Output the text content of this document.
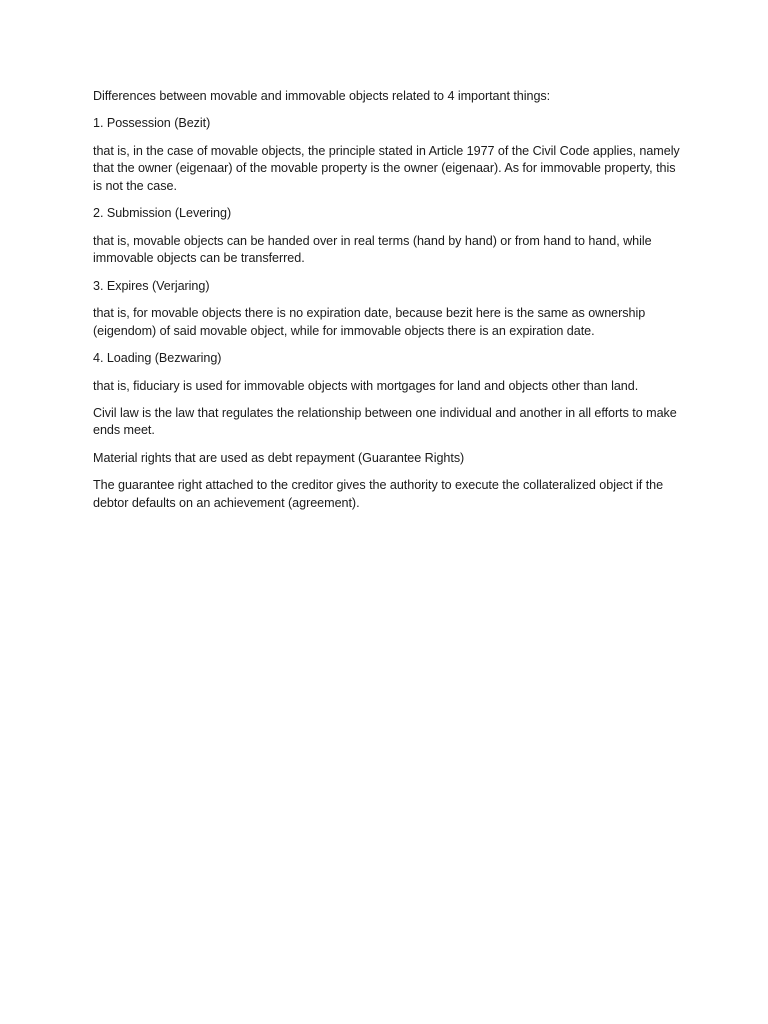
Differences between movable and immovable objects related to 4 important things:

1. Possession (Bezit)

that is, in the case of movable objects, the principle stated in Article 1977 of the Civil Code applies, namely that the owner (eigenaar) of the movable property is the owner (eigenaar). As for immovable property, this is not the case.

2. Submission (Levering)

that is, movable objects can be handed over in real terms (hand by hand) or from hand to hand, while immovable objects can be transferred.

3. Expires (Verjaring)

that is, for movable objects there is no expiration date, because bezit here is the same as ownership (eigendom) of said movable object, while for immovable objects there is an expiration date.

4. Loading (Bezwaring)

that is, fiduciary is used for immovable objects with mortgages for land and objects other than land.

Civil law is the law that regulates the relationship between one individual and another in all efforts to make ends meet.

Material rights that are used as debt repayment (Guarantee Rights)

The guarantee right attached to the creditor gives the authority to execute the collateralized object if the debtor defaults on an achievement (agreement).
